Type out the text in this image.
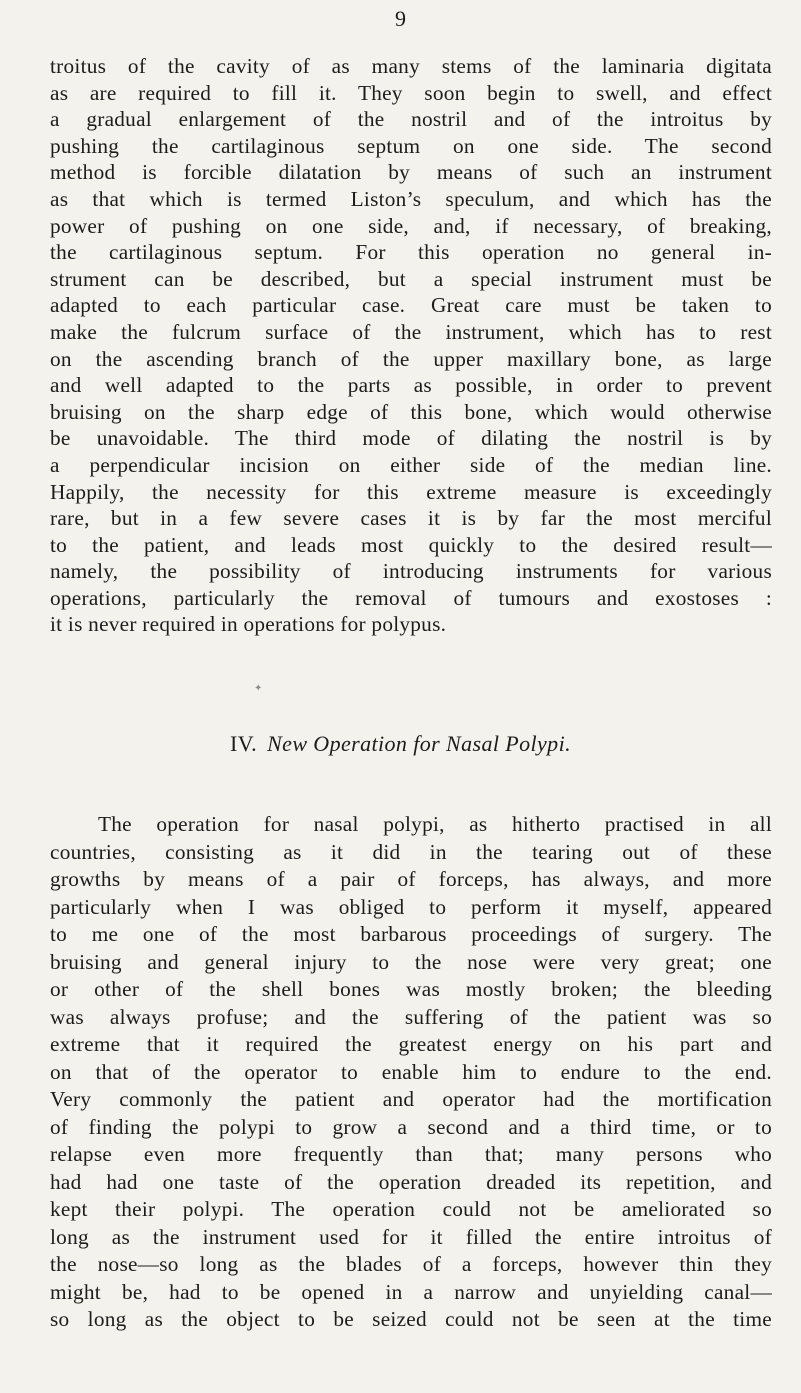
9
troitus of the cavity of as many stems of the laminaria digitata
as are required to fill it. They soon begin to swell, and effect
a gradual enlargement of the nostril and of the introitus by
pushing the cartilaginous septum on one side. The second
method is forcible dilatation by means of such an instrument
as that which is termed Liston’s speculum, and which has the
power of pushing on one side, and, if necessary, of breaking,
the cartilaginous septum. For this operation no general in-
strument can be described, but a special instrument must be
adapted to each particular case. Great care must be taken to
make the fulcrum surface of the instrument, which has to rest
on the ascending branch of the upper maxillary bone, as large
and well adapted to the parts as possible, in order to prevent
bruising on the sharp edge of this bone, which would otherwise
be unavoidable. The third mode of dilating the nostril is by
a perpendicular incision on either side of the median line.
Happily, the necessity for this extreme measure is exceedingly
rare, but in a few severe cases it is by far the most merciful
to the patient, and leads most quickly to the desired result—
namely, the possibility of introducing instruments for various
operations, particularly the removal of tumours and exostoses :
it is never required in operations for polypus.
✦
IV. New Operation for Nasal Polypi.
The operation for nasal polypi, as hitherto practised in all
countries, consisting as it did in the tearing out of these
growths by means of a pair of forceps, has always, and more
particularly when I was obliged to perform it myself, appeared
to me one of the most barbarous proceedings of surgery. The
bruising and general injury to the nose were very great; one
or other of the shell bones was mostly broken; the bleeding
was always profuse; and the suffering of the patient was so
extreme that it required the greatest energy on his part and
on that of the operator to enable him to endure to the end.
Very commonly the patient and operator had the mortification
of finding the polypi to grow a second and a third time, or to
relapse even more frequently than that; many persons who
had had one taste of the operation dreaded its repetition, and
kept their polypi. The operation could not be ameliorated so
long as the instrument used for it filled the entire introitus of
the nose—so long as the blades of a forceps, however thin they
might be, had to be opened in a narrow and unyielding canal—
so long as the object to be seized could not be seen at the time
